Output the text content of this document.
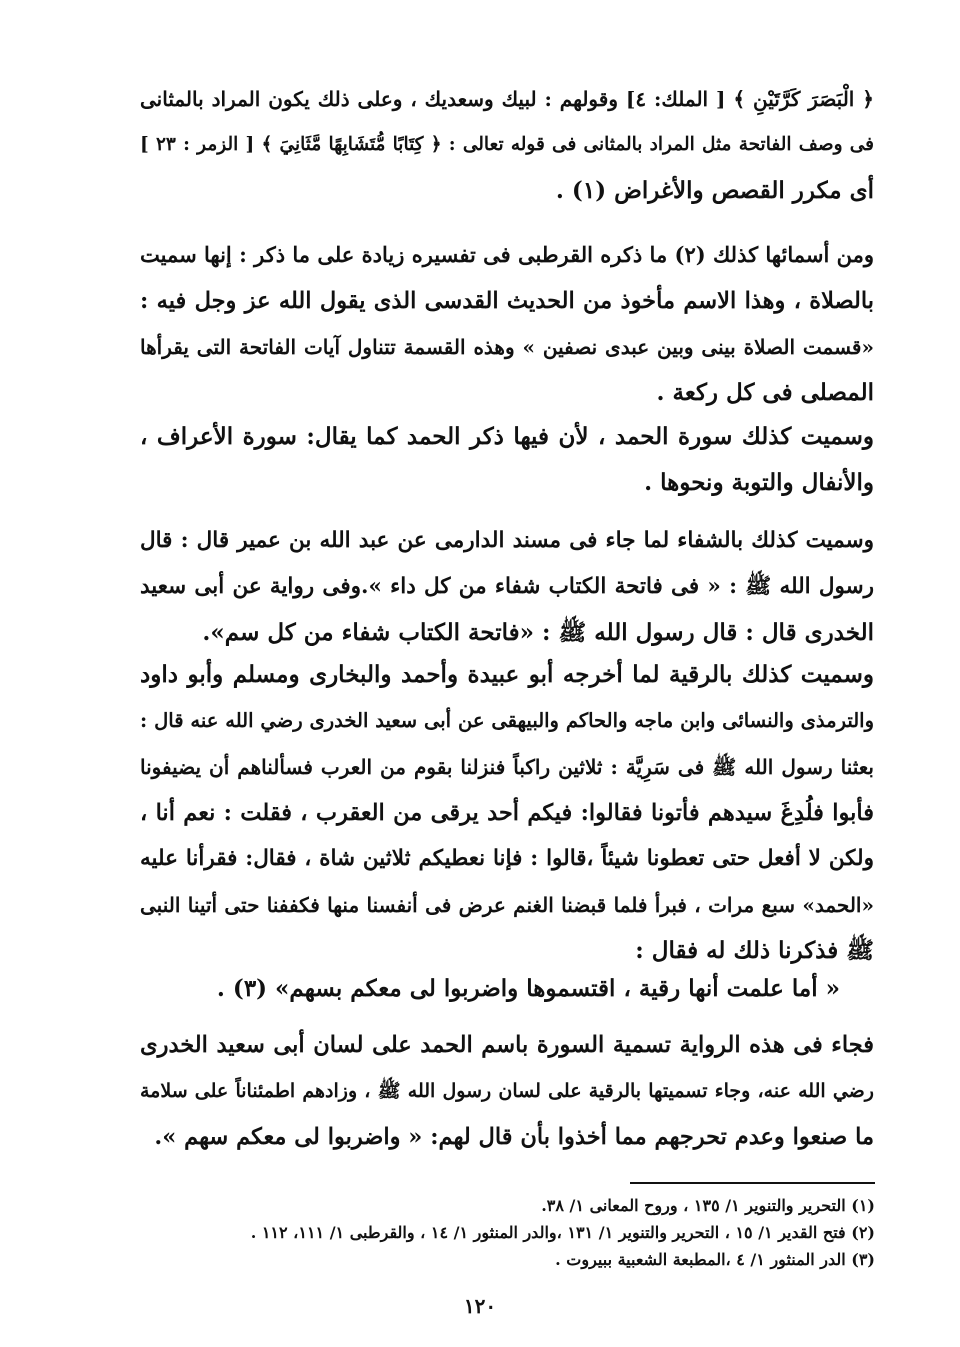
﴿ الْبَصَرَ كَرَّتَيْنِ ﴾ [ الملك: ٤] وقولهم : لبيك وسعديك ، وعلى ذلك يكون المراد بالمثانى
فى وصف الفاتحة مثل المراد بالمثانى فى قوله تعالى : ﴿ كِتَابًا مُّتَشَابِهًا مَّثَانِيَ ﴾ [ الزمر : ٢٣ ]
أى مكرر القصص والأغراض (١) .
ومن أسمائها كذلك (٢) ما ذكره القرطبى فى تفسيره زيادة على ما ذكر : إنها سميت
بالصلاة ، وهذا الاسم مأخوذ من الحديث القدسى الذى يقول الله عز وجل فيه :
«قسمت الصلاة بينى وبين عبدى نصفين » وهذه القسمة تتناول آيات الفاتحة التى يقرأها
المصلى فى كل ركعة .
وسميت كذلك سورة الحمد ، لأن فيها ذكر الحمد كما يقال: سورة الأعراف ،
والأنفال والتوبة ونحوها .
وسميت كذلك بالشفاء لما جاء فى مسند الدارمى عن عبد الله بن عمير قال : قال
رسول الله ﷺ : « فى فاتحة الكتاب شفاء من كل داء ».وفى رواية عن أبى سعيد
الخدرى قال : قال رسول الله ﷺ : «فاتحة الكتاب شفاء من كل سم».
وسميت كذلك بالرقية لما أخرجه أبو عبيدة وأحمد والبخارى ومسلم وأبو داود
والترمذى والنسائى وابن ماجه والحاكم والبيهقى عن أبى سعيد الخدرى رضي الله عنه قال :
بعثنا رسول الله ﷺ فى سَرِيَّة : ثلاثين راكباً فنزلنا بقوم من العرب فسألناهم أن يضيفونا
فأبوا فلُدِغَ سيدهم فأتونا فقالوا: فيكم أحد يرقى من العقرب ، فقلت : نعم أنا ،
ولكن لا أفعل حتى تعطونا شيئاً ،قالوا : فإنا نعطيكم ثلاثين شاة ، فقال: فقرأنا عليه
«الحمد» سبع مرات ، فبرأ فلما قبضنا الغنم عرض فى أنفسنا منها فكففنا حتى أتينا النبى
ﷺ فذكرنا ذلك له فقال :
« أما علمت أنها رقية ، اقتسموها واضربوا لى معكم بسهم» (٣) .
فجاء فى هذه الرواية تسمية السورة باسم الحمد على لسان أبى سعيد الخدرى
رضي الله عنه، وجاء تسميتها بالرقية على لسان رسول الله ﷺ ، وزادهم اطمئناناً على سلامة
ما صنعوا وعدم تحرجهم مما أخذوا بأن قال لهم: « واضربوا لى معكم سهم ».
(١) التحرير والتنوير ١/ ١٣٥ ، وروح المعانى ١/ ٣٨.
(٢) فتح القدير ١/ ١٥ ، التحرير والتنوير ١/ ١٣١ ،والدر المنثور ١/ ١٤ ، والقرطبى ١/ ١١١، ١١٢ .
(٣) الدر المنثور ١/ ٤ ،المطبعة الشعبية ببيروت .
١٢٠
